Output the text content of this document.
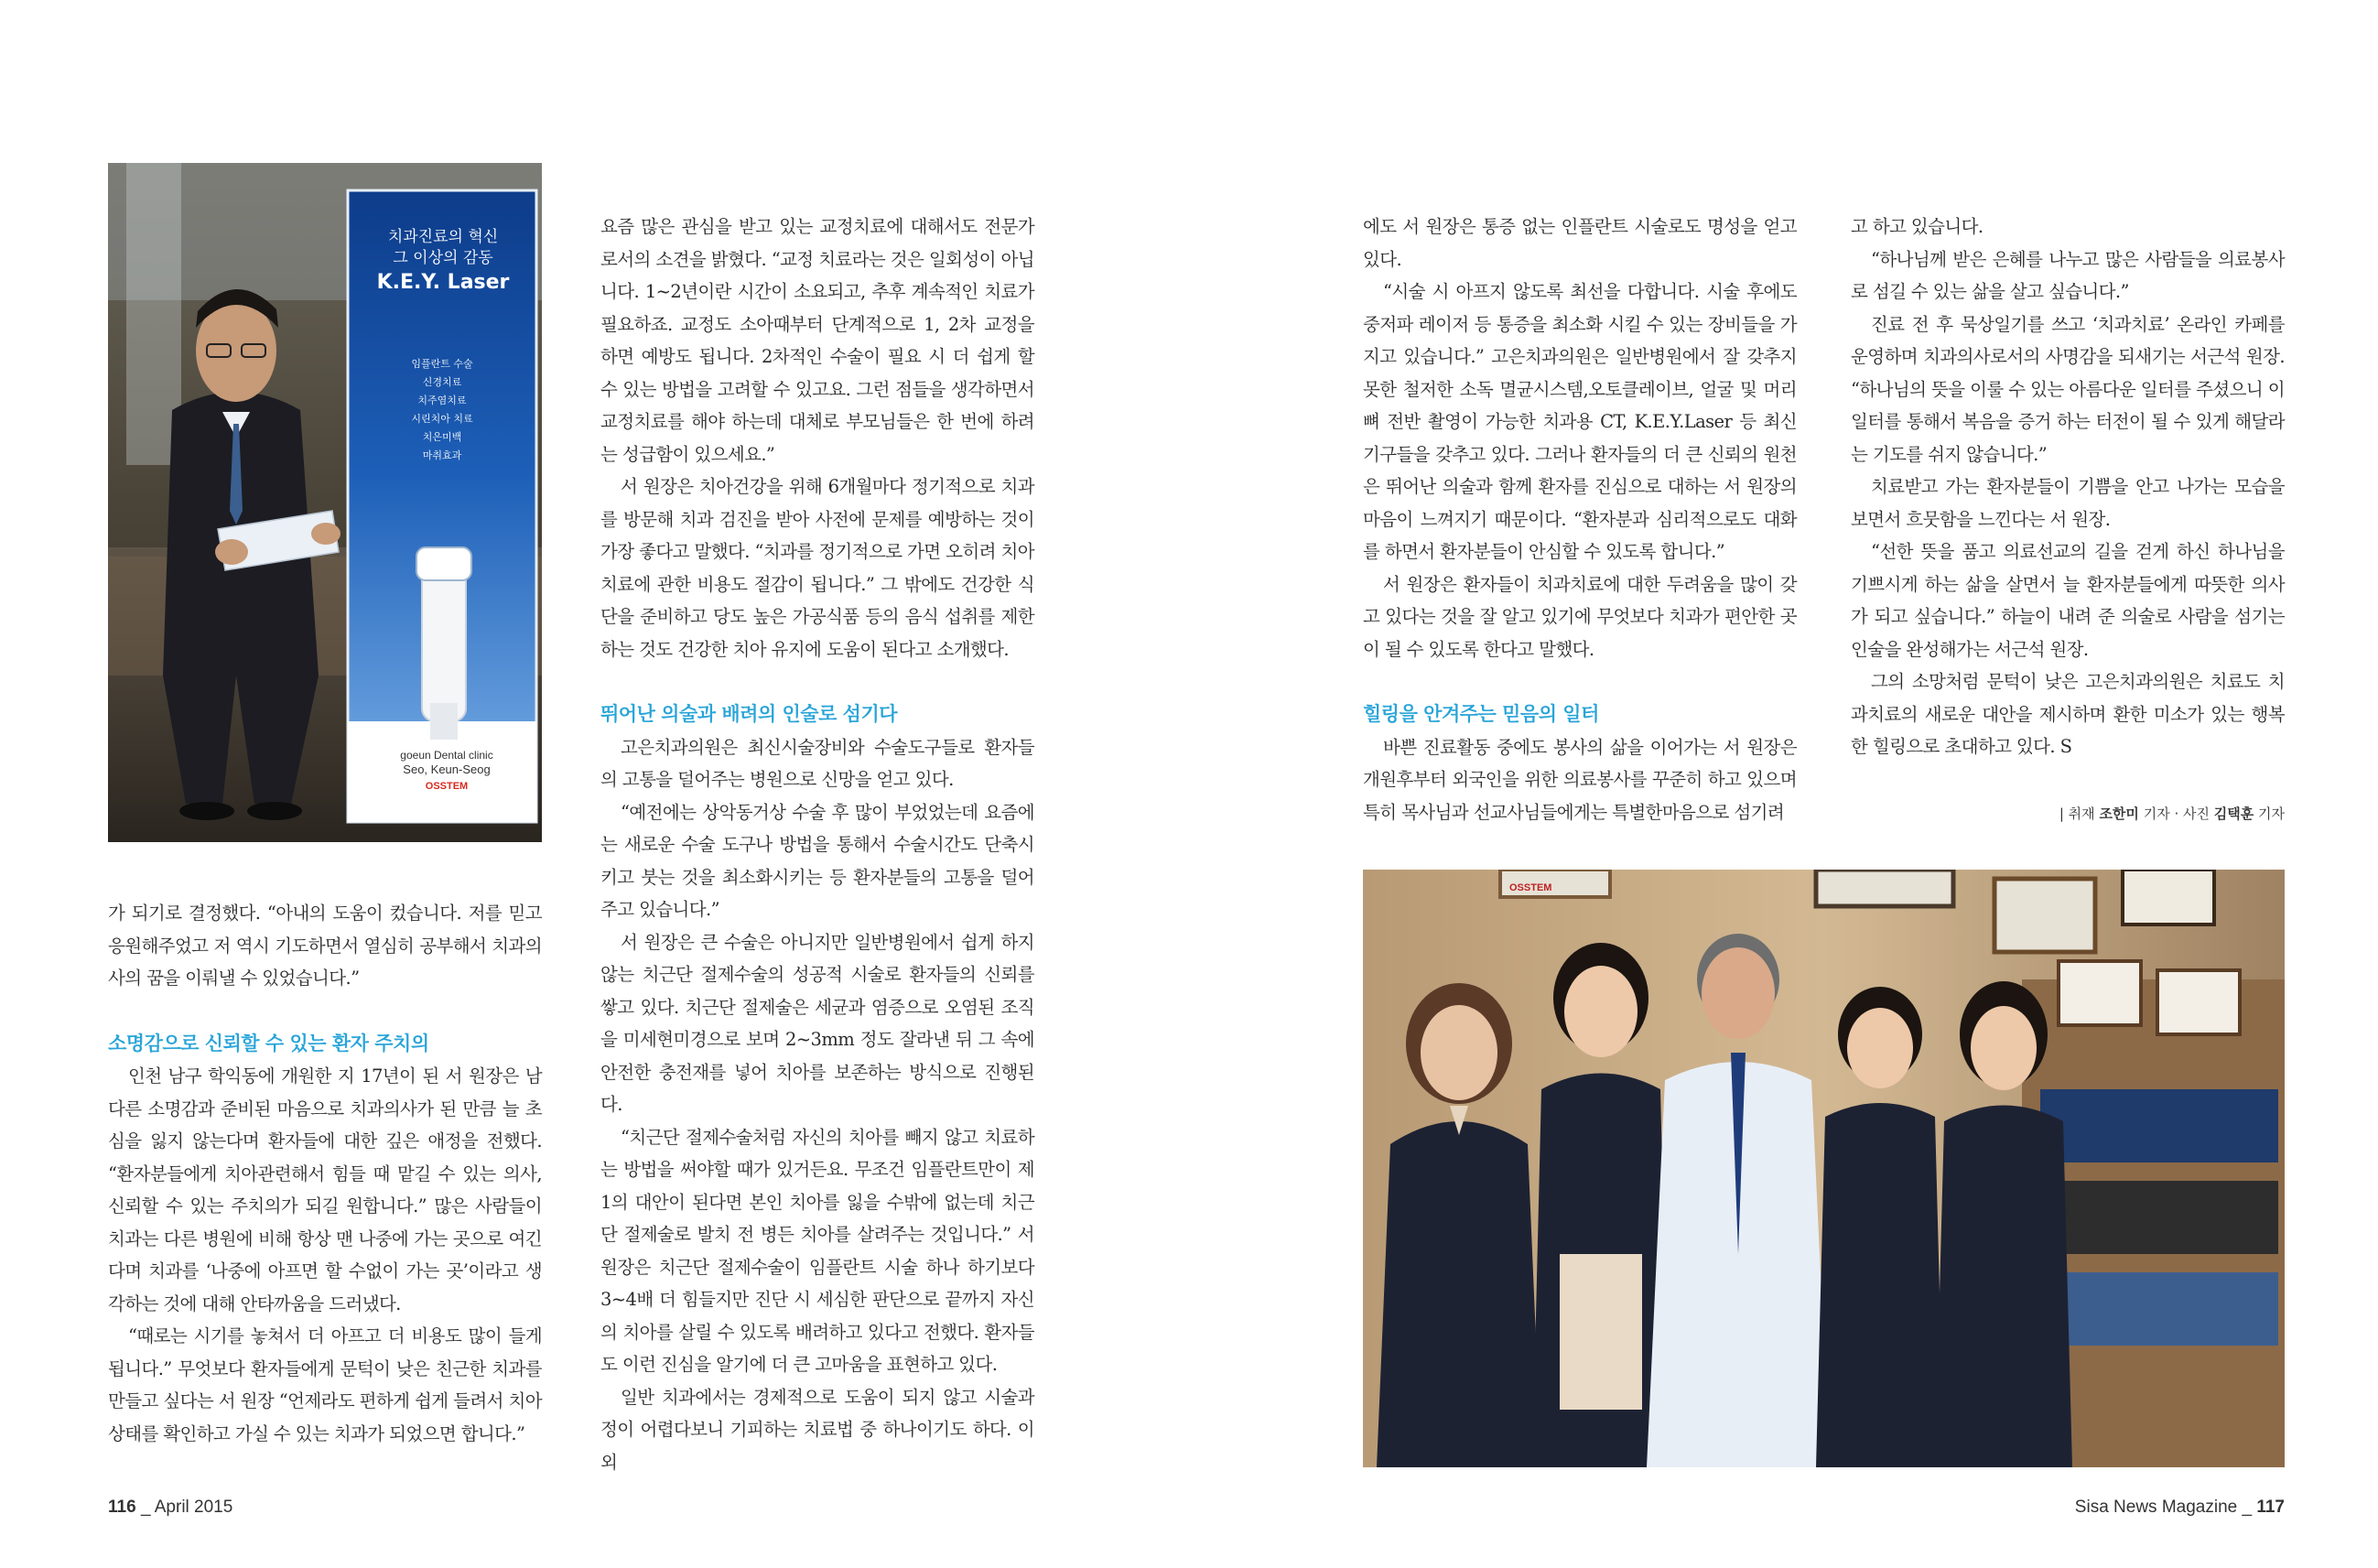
치과진료의 혁신
그 이상의 감동
K.E.Y. Laser
임플란트 수술
신경치료
치주염치료
시린치아 치료
치은미백
마취효과
goeun Dental clinic
Seo, Keun-Seog
OSSTEM

가 되기로 결정했다. “아내의 도움이 컸습니다. 저를 믿고 응원해주었고 저 역시 기도하면서 열심히 공부해서 치과의사의 꿈을 이뤄낼 수 있었습니다.”

소명감으로 신뢰할 수 있는 환자 주치의

인천 남구 학익동에 개원한 지 17년이 된 서 원장은 남다른 소명감과 준비된 마음으로 치과의사가 된 만큼 늘 초심을 잃지 않는다며 환자들에 대한 깊은 애정을 전했다. “환자분들에게 치아관련해서 힘들 때 맡길 수 있는 의사, 신뢰할 수 있는 주치의가 되길 원합니다.” 많은 사람들이 치과는 다른 병원에 비해 항상 맨 나중에 가는 곳으로 여긴다며 치과를 ‘나중에 아프면 할 수없이 가는 곳’이라고 생각하는 것에 대해 안타까움을 드러냈다.

“때로는 시기를 놓쳐서 더 아프고 더 비용도 많이 들게 됩니다.” 무엇보다 환자들에게 문턱이 낮은 친근한 치과를 만들고 싶다는 서 원장 “언제라도 편하게 쉽게 들려서 치아 상태를 확인하고 가실 수 있는 치과가 되었으면 합니다.”

요즘 많은 관심을 받고 있는 교정치료에 대해서도 전문가로서의 소견을 밝혔다. “교정 치료라는 것은 일회성이 아닙니다. 1~2년이란 시간이 소요되고, 추후 계속적인 치료가 필요하죠. 교정도 소아때부터 단계적으로 1, 2차 교정을 하면 예방도 됩니다. 2차적인 수술이 필요 시 더 쉽게 할 수 있는 방법을 고려할 수 있고요. 그런 점들을 생각하면서 교정치료를 해야 하는데 대체로 부모님들은 한 번에 하려는 성급함이 있으세요.”

서 원장은 치아건강을 위해 6개월마다 정기적으로 치과를 방문해 치과 검진을 받아 사전에 문제를 예방하는 것이 가장 좋다고 말했다. “치과를 정기적으로 가면 오히려 치아 치료에 관한 비용도 절감이 됩니다.” 그 밖에도 건강한 식단을 준비하고 당도 높은 가공식품 등의 음식 섭취를 제한하는 것도 건강한 치아 유지에 도움이 된다고 소개했다.

뛰어난 의술과 배려의 인술로 섬기다

고은치과의원은 최신시술장비와 수술도구들로 환자들의 고통을 덜어주는 병원으로 신망을 얻고 있다.

“예전에는 상악동거상 수술 후 많이 부었었는데 요즘에는 새로운 수술 도구나 방법을 통해서 수술시간도 단축시키고 붓는 것을 최소화시키는 등 환자분들의 고통을 덜어주고 있습니다.”

서 원장은 큰 수술은 아니지만 일반병원에서 쉽게 하지 않는 치근단 절제수술의 성공적 시술로 환자들의 신뢰를 쌓고 있다. 치근단 절제술은 세균과 염증으로 오염된 조직을 미세현미경으로 보며 2~3mm 정도 잘라낸 뒤 그 속에 안전한 충전재를 넣어 치아를 보존하는 방식으로 진행된다.

“치근단 절제수술처럼 자신의 치아를 빼지 않고 치료하는 방법을 써야할 때가 있거든요. 무조건 임플란트만이 제1의 대안이 된다면 본인 치아를 잃을 수밖에 없는데 치근단 절제술로 발치 전 병든 치아를 살려주는 것입니다.” 서 원장은 치근단 절제수술이 임플란트 시술 하나 하기보다 3~4배 더 힘들지만 진단 시 세심한 판단으로 끝까지 자신의 치아를 살릴 수 있도록 배려하고 있다고 전했다. 환자들도 이런 진심을 알기에 더 큰 고마움을 표현하고 있다.

일반 치과에서는 경제적으로 도움이 되지 않고 시술과정이 어렵다보니 기피하는 치료법 중 하나이기도 하다. 이 외

에도 서 원장은 통증 없는 인플란트 시술로도 명성을 얻고 있다.

“시술 시 아프지 않도록 최선을 다합니다. 시술 후에도 중저파 레이저 등 통증을 최소화 시킬 수 있는 장비들을 가지고 있습니다.” 고은치과의원은 일반병원에서 잘 갖추지 못한 철저한 소독 멸균시스템,오토클레이브, 얼굴 및 머리뼈 전반 촬영이 가능한 치과용 CT, K.E.Y.Laser 등 최신 기구들을 갖추고 있다. 그러나 환자들의 더 큰 신뢰의 원천은 뛰어난 의술과 함께 환자를 진심으로 대하는 서 원장의 마음이 느껴지기 때문이다. “환자분과 심리적으로도 대화를 하면서 환자분들이 안심할 수 있도록 합니다.”

서 원장은 환자들이 치과치료에 대한 두려움을 많이 갖고 있다는 것을 잘 알고 있기에 무엇보다 치과가 편안한 곳이 될 수 있도록 한다고 말했다.

힐링을 안겨주는 믿음의 일터

바쁜 진료활동 중에도 봉사의 삶을 이어가는 서 원장은 개원후부터 외국인을 위한 의료봉사를 꾸준히 하고 있으며 특히 목사님과 선교사님들에게는 특별한마음으로 섬기려

고 하고 있습니다.

“하나님께 받은 은혜를 나누고 많은 사람들을 의료봉사로 섬길 수 있는 삶을 살고 싶습니다.”

진료 전 후 묵상일기를 쓰고 ‘치과치료’ 온라인 카페를 운영하며 치과의사로서의 사명감을 되새기는 서근석 원장. “하나님의 뜻을 이룰 수 있는 아름다운 일터를 주셨으니 이 일터를 통해서 복음을 증거 하는 터전이 될 수 있게 해달라는 기도를 쉬지 않습니다.”

치료받고 가는 환자분들이 기쁨을 안고 나가는 모습을 보면서 흐뭇함을 느낀다는 서 원장.

“선한 뜻을 품고 의료선교의 길을 걷게 하신 하나님을 기쁘시게 하는 삶을 살면서 늘 환자분들에게 따뜻한 의사가 되고 싶습니다.” 하늘이 내려 준 의술로 사람을 섬기는 인술을 완성해가는 서근석 원장.

그의 소망처럼 문턱이 낮은 고은치과의원은 치료도 치과치료의 새로운 대안을 제시하며 환한 미소가 있는 행복한 힐링으로 초대하고 있다. S

| 취재 조한미 기자 · 사진 김택훈 기자
OSSTEM
116 _ April 2015	Sisa News Magazine _ 117
